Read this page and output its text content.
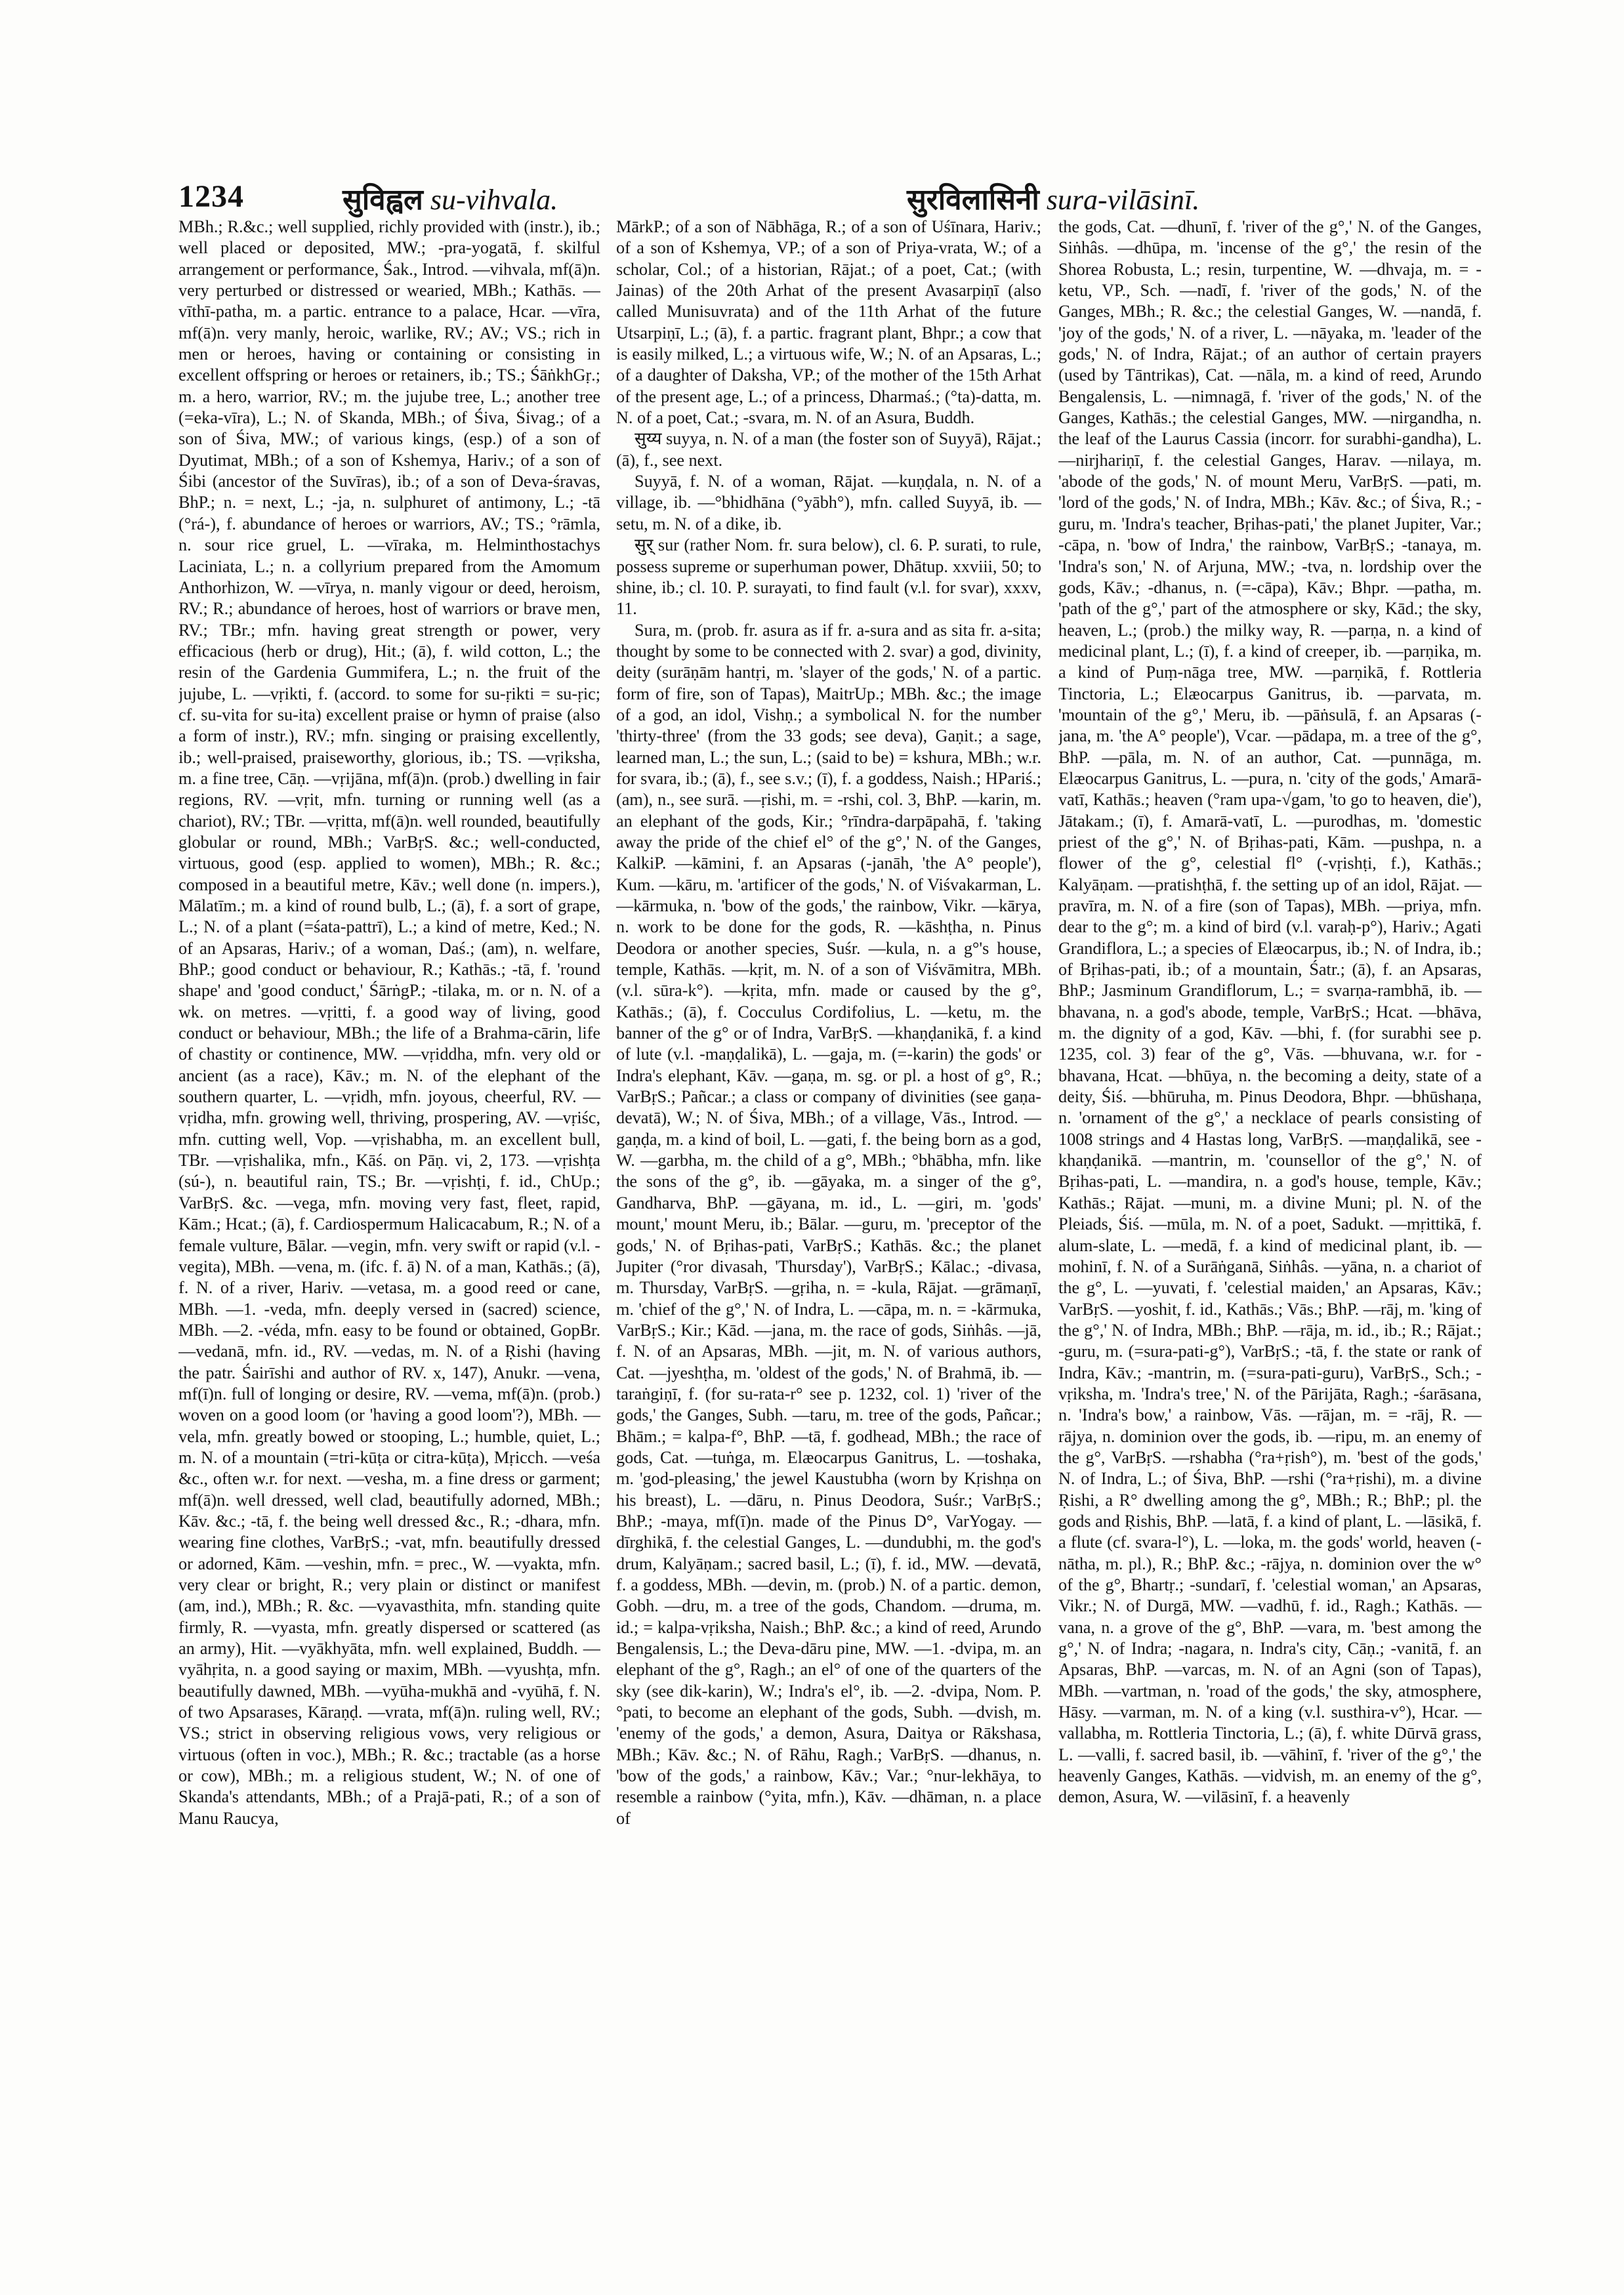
1234	सुविह्वल su-vihvala.	सुरविलासिनी sura-vilāsinī.

MBh.; R.&c.; well supplied, richly provided with (instr.), ib.; well placed or deposited, MW.; -pra-yogatā, f. skilful arrangement or performance, Śak., Introd. —vihvala, mf(ā)n. very perturbed or distressed or wearied, MBh.; Kathās. —vīthī-patha, m. a partic. entrance to a palace, Hcar. —vīra, mf(ā)n. very manly, heroic, warlike, RV.; AV.; VS.; rich in men or heroes, having or containing or consisting in excellent offspring or heroes or retainers, ib.; TS.; ŚāṅkhGṛ.; m. a hero, warrior, RV.; m. the jujube tree, L.; another tree (=eka-vīra), L.; N. of Skanda, MBh.; of Śiva, Śivag.; of a son of Śiva, MW.; of various kings, (esp.) of a son of Dyutimat, MBh.; of a son of Kshemya, Hariv.; of a son of Śibi (ancestor of the Suvīras), ib.; of a son of Deva-śravas, BhP.; n. = next, L.; -ja, n. sulphuret of antimony, L.; -tā (°rá-), f. abundance of heroes or warriors, AV.; TS.; °rāmla, n. sour rice gruel, L. —vīraka, m. Helminthostachys Laciniata, L.; n. a collyrium prepared from the Amomum Anthorhizon, W. —vīrya, n. manly vigour or deed, heroism, RV.; R.; abundance of heroes, host of warriors or brave men, RV.; TBr.; mfn. having great strength or power, very efficacious (herb or drug), Hit.; (ā), f. wild cotton, L.; the resin of the Gardenia Gummifera, L.; n. the fruit of the jujube, L. —vṛikti, f. (accord. to some for su-ṛikti = su-ṛic; cf. su-vita for su-ita) excellent praise or hymn of praise (also a form of instr.), RV.; mfn. singing or praising excellently, ib.; well-praised, praiseworthy, glorious, ib.; TS. —vṛiksha, m. a fine tree, Cāṇ. —vṛijāna, mf(ā)n. (prob.) dwelling in fair regions, RV. —vṛit, mfn. turning or running well (as a chariot), RV.; TBr. —vṛitta, mf(ā)n. well rounded, beautifully globular or round, MBh.; VarBṛS. &c.; well-conducted, virtuous, good (esp. applied to women), MBh.; R. &c.; composed in a beautiful metre, Kāv.; well done (n. impers.), Mālatīm.; m. a kind of round bulb, L.; (ā), f. a sort of grape, L.; N. of a plant (=śata-pattrī), L.; a kind of metre, Ked.; N. of an Apsaras, Hariv.; of a woman, Daś.; (am), n. welfare, BhP.; good conduct or behaviour, R.; Kathās.; -tā, f. 'round shape' and 'good conduct,' ŚārṅgP.; -tilaka, m. or n. N. of a wk. on metres. —vṛitti, f. a good way of living, good conduct or behaviour, MBh.; the life of a Brahma-cārin, life of chastity or continence, MW. —vṛiddha, mfn. very old or ancient (as a race), Kāv.; m. N. of the elephant of the southern quarter, L. —vṛidh, mfn. joyous, cheerful, RV. —vṛidha, mfn. growing well, thriving, prospering, AV. —vṛiśc, mfn. cutting well, Vop. —vṛishabha, m. an excellent bull, TBr. —vṛishalika, mfn., Kāś. on Pāṇ. vi, 2, 173. —vṛishṭa (sú-), n. beautiful rain, TS.; Br. —vṛishṭi, f. id., ChUp.; VarBṛS. &c. —vega, mfn. moving very fast, fleet, rapid, Kām.; Hcat.; (ā), f. Cardiospermum Halicacabum, R.; N. of a female vulture, Bālar. —vegin, mfn. very swift or rapid (v.l. -vegita), MBh. —vena, m. (ifc. f. ā) N. of a man, Kathās.; (ā), f. N. of a river, Hariv. —vetasa, m. a good reed or cane, MBh. —1. -veda, mfn. deeply versed in (sacred) science, MBh. —2. -véda, mfn. easy to be found or obtained, GopBr. —vedanā, mfn. id., RV. —vedas, m. N. of a Ṛishi (having the patr. Śairīshi and author of RV. x, 147), Anukr. —vena, mf(ī)n. full of longing or desire, RV. —vema, mf(ā)n. (prob.) woven on a good loom (or 'having a good loom'?), MBh. —vela, mfn. greatly bowed or stooping, L.; humble, quiet, L.; m. N. of a mountain (=tri-kūṭa or citra-kūṭa), Mṛicch. —veśa &c., often w.r. for next. —vesha, m. a fine dress or garment; mf(ā)n. well dressed, well clad, beautifully adorned, MBh.; Kāv. &c.; -tā, f. the being well dressed &c., R.; -dhara, mfn. wearing fine clothes, VarBṛS.; -vat, mfn. beautifully dressed or adorned, Kām. —veshin, mfn. = prec., W. —vyakta, mfn. very clear or bright, R.; very plain or distinct or manifest (am, ind.), MBh.; R. &c. —vyavasthita, mfn. standing quite firmly, R. —vyasta, mfn. greatly dispersed or scattered (as an army), Hit. —vyākhyāta, mfn. well explained, Buddh. —vyāhṛita, n. a good saying or maxim, MBh. —vyushṭa, mfn. beautifully dawned, MBh. —vyūha-mukhā and -vyūhā, f. N. of two Apsarases, Kāraṇḍ. —vrata, mf(ā)n. ruling well, RV.; VS.; strict in observing religious vows, very religious or virtuous (often in voc.), MBh.; R. &c.; tractable (as a horse or cow), MBh.; m. a religious student, W.; N. of one of Skanda's attendants, MBh.; of a Prajā-pati, R.; of a son of Manu Raucya,

MārkP.; of a son of Nābhāga, R.; of a son of Uśīnara, Hariv.; of a son of Kshemya, VP.; of a son of Priya-vrata, W.; of a scholar, Col.; of a historian, Rājat.; of a poet, Cat.; (with Jainas) of the 20th Arhat of the present Avasarpiṇī (also called Munisuvrata) and of the 11th Arhat of the future Utsarpiṇī, L.; (ā), f. a partic. fragrant plant, Bhpr.; a cow that is easily milked, L.; a virtuous wife, W.; N. of an Apsaras, L.; of a daughter of Daksha, VP.; of the mother of the 15th Arhat of the present age, L.; of a princess, Dharmaś.; (°ta)-datta, m. N. of a poet, Cat.; -svara, m. N. of an Asura, Buddh.

सुय्य suyya, n. N. of a man (the foster son of Suyyā), Rājat.; (ā), f., see next.

Suyyā, f. N. of a woman, Rājat. —kuṇḍala, n. N. of a village, ib. —°bhidhāna (°yābh°), mfn. called Suyyā, ib. —setu, m. N. of a dike, ib.

सुर् sur (rather Nom. fr. sura below), cl. 6. P. surati, to rule, possess supreme or superhuman power, Dhātup. xxviii, 50; to shine, ib.; cl. 10. P. surayati, to find fault (v.l. for svar), xxxv, 11.

Sura, m. (prob. fr. asura as if fr. a-sura and as sita fr. a-sita; thought by some to be connected with 2. svar) a god, divinity, deity (surāṇām hantṛi, m. 'slayer of the gods,' N. of a partic. form of fire, son of Tapas), MaitrUp.; MBh. &c.; the image of a god, an idol, Vishṇ.; a symbolical N. for the number 'thirty-three' (from the 33 gods; see deva), Gaṇit.; a sage, learned man, L.; the sun, L.; (said to be) = kshura, MBh.; w.r. for svara, ib.; (ā), f., see s.v.; (ī), f. a goddess, Naish.; HPariś.; (am), n., see surā. —ṛishi, m. = -rshi, col. 3, BhP. —karin, m. an elephant of the gods, Kir.; °rīndra-darpāpahā, f. 'taking away the pride of the chief el° of the g°,' N. of the Ganges, KalkiP. —kāmini, f. an Apsaras (-janāh, 'the A° people'), Kum. —kāru, m. 'artificer of the gods,' N. of Viśvakarman, L. —kārmuka, n. 'bow of the gods,' the rainbow, Vikr. —kārya, n. work to be done for the gods, R. —kāshṭha, n. Pinus Deodora or another species, Suśr. —kula, n. a g°'s house, temple, Kathās. —kṛit, m. N. of a son of Viśvāmitra, MBh. (v.l. sūra-k°). —kṛita, mfn. made or caused by the g°, Kathās.; (ā), f. Cocculus Cordifolius, L. —ketu, m. the banner of the g° or of Indra, VarBṛS. —khaṇḍanikā, f. a kind of lute (v.l. -maṇḍalikā), L. —gaja, m. (=-karin) the gods' or Indra's elephant, Kāv. —gaṇa, m. sg. or pl. a host of g°, R.; VarBṛS.; Pañcar.; a class or company of divinities (see gaṇa-devatā), W.; N. of Śiva, MBh.; of a village, Vās., Introd. —gaṇḍa, m. a kind of boil, L. —gati, f. the being born as a god, W. —garbha, m. the child of a g°, MBh.; °bhābha, mfn. like the sons of the g°, ib. —gāyaka, m. a singer of the g°, Gandharva, BhP. —gāyana, m. id., L. —giri, m. 'gods' mount,' mount Meru, ib.; Bālar. —guru, m. 'preceptor of the gods,' N. of Bṛihas-pati, VarBṛS.; Kathās. &c.; the planet Jupiter (°ror divasah, 'Thursday'), VarBṛS.; Kālac.; -divasa, m. Thursday, VarBṛS. —gṛiha, n. = -kula, Rājat. —grāmaṇī, m. 'chief of the g°,' N. of Indra, L. —cāpa, m. n. = -kārmuka, VarBṛS.; Kir.; Kād. —jana, m. the race of gods, Siṅhâs. —jā, f. N. of an Apsaras, MBh. —jit, m. N. of various authors, Cat. —jyeshṭha, m. 'oldest of the gods,' N. of Brahmā, ib. —taraṅgiṇī, f. (for su-rata-r° see p. 1232, col. 1) 'river of the gods,' the Ganges, Subh. —taru, m. tree of the gods, Pañcar.; Bhām.; = kalpa-f°, BhP. —tā, f. godhead, MBh.; the race of gods, Cat. —tuṅga, m. Elæocarpus Ganitrus, L. —toshaka, m. 'god-pleasing,' the jewel Kaustubha (worn by Kṛishṇa on his breast), L. —dāru, n. Pinus Deodora, Suśr.; VarBṛS.; BhP.; -maya, mf(ī)n. made of the Pinus D°, VarYogay. —dīrghikā, f. the celestial Ganges, L. —dundubhi, m. the god's drum, Kalyāṇam.; sacred basil, L.; (ī), f. id., MW. —devatā, f. a goddess, MBh. —devin, m. (prob.) N. of a partic. demon, Gobh. —dru, m. a tree of the gods, Chandom. —druma, m. id.; = kalpa-vṛiksha, Naish.; BhP. &c.; a kind of reed, Arundo Bengalensis, L.; the Deva-dāru pine, MW. —1. -dvipa, m. an elephant of the g°, Ragh.; an el° of one of the quarters of the sky (see dik-karin), W.; Indra's el°, ib. —2. -dvipa, Nom. P. °pati, to become an elephant of the gods, Subh. —dvish, m. 'enemy of the gods,' a demon, Asura, Daitya or Rākshasa, MBh.; Kāv. &c.; N. of Rāhu, Ragh.; VarBṛS. —dhanus, n. 'bow of the gods,' a rainbow, Kāv.; Var.; °nur-lekhāya, to resemble a rainbow (°yita, mfn.), Kāv. —dhāman, n. a place of

the gods, Cat. —dhunī, f. 'river of the g°,' N. of the Ganges, Siṅhâs. —dhūpa, m. 'incense of the g°,' the resin of the Shorea Robusta, L.; resin, turpentine, W. —dhvaja, m. = -ketu, VP., Sch. —nadī, f. 'river of the gods,' N. of the Ganges, MBh.; R. &c.; the celestial Ganges, W. —nandā, f. 'joy of the gods,' N. of a river, L. —nāyaka, m. 'leader of the gods,' N. of Indra, Rājat.; of an author of certain prayers (used by Tāntrikas), Cat. —nāla, m. a kind of reed, Arundo Bengalensis, L. —nimnagā, f. 'river of the gods,' N. of the Ganges, Kathās.; the celestial Ganges, MW. —nirgandha, n. the leaf of the Laurus Cassia (incorr. for surabhi-gandha), L. —nirjhariṇī, f. the celestial Ganges, Harav. —nilaya, m. 'abode of the gods,' N. of mount Meru, VarBṛS. —pati, m. 'lord of the gods,' N. of Indra, MBh.; Kāv. &c.; of Śiva, R.; -guru, m. 'Indra's teacher, Bṛihas-pati,' the planet Jupiter, Var.; -cāpa, n. 'bow of Indra,' the rainbow, VarBṛS.; -tanaya, m. 'Indra's son,' N. of Arjuna, MW.; -tva, n. lordship over the gods, Kāv.; -dhanus, n. (=-cāpa), Kāv.; Bhpr. —patha, m. 'path of the g°,' part of the atmosphere or sky, Kād.; the sky, heaven, L.; (prob.) the milky way, R. —parṇa, n. a kind of medicinal plant, L.; (ī), f. a kind of creeper, ib. —parṇika, m. a kind of Puṃ-nāga tree, MW. —parṇikā, f. Rottleria Tinctoria, L.; Elæocarpus Ganitrus, ib. —parvata, m. 'mountain of the g°,' Meru, ib. —pāṅsulā, f. an Apsaras (-jana, m. 'the A° people'), Vcar. —pādapa, m. a tree of the g°, BhP. —pāla, m. N. of an author, Cat. —punnāga, m. Elæocarpus Ganitrus, L. —pura, n. 'city of the gods,' Amarā-vatī, Kathās.; heaven (°ram upa-√gam, 'to go to heaven, die'), Jātakam.; (ī), f. Amarā-vatī, L. —purodhas, m. 'domestic priest of the g°,' N. of Bṛihas-pati, Kām. —pushpa, n. a flower of the g°, celestial fl° (-vṛishṭi, f.), Kathās.; Kalyāṇam. —pratishṭhā, f. the setting up of an idol, Rājat. —pravīra, m. N. of a fire (son of Tapas), MBh. —priya, mfn. dear to the g°; m. a kind of bird (v.l. varaḥ-p°), Hariv.; Agati Grandiflora, L.; a species of Elæocarpus, ib.; N. of Indra, ib.; of Bṛihas-pati, ib.; of a mountain, Śatr.; (ā), f. an Apsaras, BhP.; Jasminum Grandiflorum, L.; = svarṇa-rambhā, ib. —bhavana, n. a god's abode, temple, VarBṛS.; Hcat. —bhāva, m. the dignity of a god, Kāv. —bhi, f. (for surabhi see p. 1235, col. 3) fear of the g°, Vās. —bhuvana, w.r. for -bhavana, Hcat. —bhūya, n. the becoming a deity, state of a deity, Śiś. —bhūruha, m. Pinus Deodora, Bhpr. —bhūshaṇa, n. 'ornament of the g°,' a necklace of pearls consisting of 1008 strings and 4 Hastas long, VarBṛS. —maṇḍalikā, see -khaṇḍanikā. —mantrin, m. 'counsellor of the g°,' N. of Bṛihas-pati, L. —mandira, n. a god's house, temple, Kāv.; Kathās.; Rājat. —muni, m. a divine Muni; pl. N. of the Pleiads, Śiś. —mūla, m. N. of a poet, Sadukt. —mṛittikā, f. alum-slate, L. —medā, f. a kind of medicinal plant, ib. —mohinī, f. N. of a Surāṅganā, Siṅhâs. —yāna, n. a chariot of the g°, L. —yuvati, f. 'celestial maiden,' an Apsaras, Kāv.; VarBṛS. —yoshit, f. id., Kathās.; Vās.; BhP. —rāj, m. 'king of the g°,' N. of Indra, MBh.; BhP. —rāja, m. id., ib.; R.; Rājat.; -guru, m. (=sura-pati-g°), VarBṛS.; -tā, f. the state or rank of Indra, Kāv.; -mantrin, m. (=sura-pati-guru), VarBṛS., Sch.; -vṛiksha, m. 'Indra's tree,' N. of the Pārijāta, Ragh.; -śarāsana, n. 'Indra's bow,' a rainbow, Vās. —rājan, m. = -rāj, R. —rājya, n. dominion over the gods, ib. —ripu, m. an enemy of the g°, VarBṛS. —rshabha (°ra+ṛish°), m. 'best of the gods,' N. of Indra, L.; of Śiva, BhP. —rshi (°ra+ṛishi), m. a divine Ṛishi, a R° dwelling among the g°, MBh.; R.; BhP.; pl. the gods and Ṛishis, BhP. —latā, f. a kind of plant, L. —lāsikā, f. a flute (cf. svara-l°), L. —loka, m. the gods' world, heaven (-nātha, m. pl.), R.; BhP. &c.; -rājya, n. dominion over the w° of the g°, Bhartṛ.; -sundarī, f. 'celestial woman,' an Apsaras, Vikr.; N. of Durgā, MW. —vadhū, f. id., Ragh.; Kathās. —vana, n. a grove of the g°, BhP. —vara, m. 'best among the g°,' N. of Indra; -nagara, n. Indra's city, Cāṇ.; -vanitā, f. an Apsaras, BhP. —varcas, m. N. of an Agni (son of Tapas), MBh. —vartman, n. 'road of the gods,' the sky, atmosphere, Hāsy. —varman, m. N. of a king (v.l. susthira-v°), Hcar. —vallabha, m. Rottleria Tinctoria, L.; (ā), f. white Dūrvā grass, L. —valli, f. sacred basil, ib. —vāhinī, f. 'river of the g°,' the heavenly Ganges, Kathās. —vidvish, m. an enemy of the g°, demon, Asura, W. —vilāsinī, f. a heavenly
